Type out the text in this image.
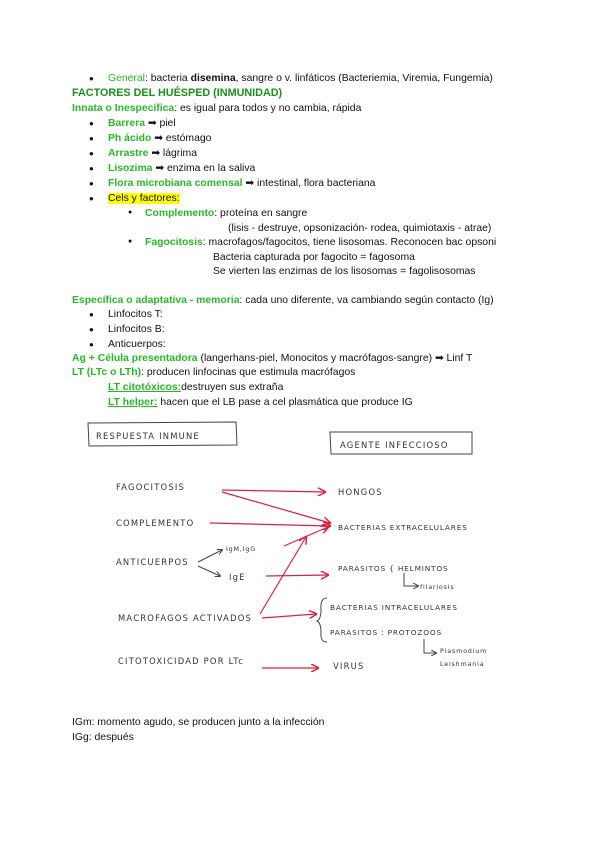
● General: bacteria disemina, sangre o v. linfáticos (Bacteriemia, Viremia, Fungemia)
FACTORES DEL HUÉSPED (INMUNIDAD)
Innata o Inespecífica: es igual para todos y no cambia, rápida
● Barrera ➡ piel
● Ph ácido ➡ estómago
● Arrastre ➡ lágrima
● Lisozima ➡ enzima en la saliva
● Flora microbiana comensal ➡ intestinal, flora bacteriana
● Cels y factores:
● Complemento: proteína en sangre
(lisis - destruye, opsonización- rodea, quimiotaxis - atrae)
● Fagocitosis: macrofagos/fagocitos, tiene lisosomas. Reconocen bac opsoni
Bacteria capturada por fagocito = fagosoma
Se vierten las enzimas de los lisosomas = fagolisosomas
Específica o adaptativa - memoria: cada uno diferente, va cambiando según contacto (Ig)
● Linfocitos T:
● Linfocitos B:
● Anticuerpos:
Ag + Célula presentadora (langerhans-piel, Monocitos y macrófagos-sangre) ➡ Linf T
LT (LTc o LTh): producen linfocinas que estimula macrófagos
LT citotóxicos:destruyen sus extraña
LT helper: hacen que el LB pase a cel plasmática que produce IG
RESPUESTA INMUNE
AGENTE INFECCIOSO
FAGOCITOSIS
COMPLEMENTO
ANTICUERPOS
MACROFAGOS ACTIVADOS
CITOTOXICIDAD POR LTc
IgM,IgG
IgE
HONGOS
BACTERIAS EXTRACELULARES
PARASITOS { HELMINTOS
BACTERIAS INTRACELULARES
PARASITOS : PROTOZOOS
VIRUS
filariosis
Plasmodium
Leishmania
IGm: momento agudo, se producen junto a la infección
IGg: después
